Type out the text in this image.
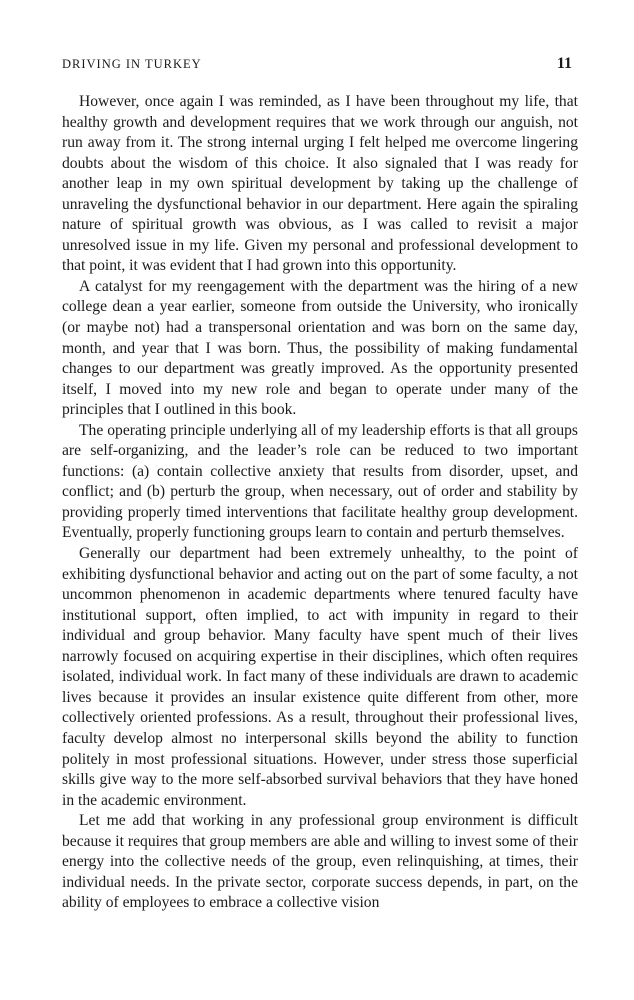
DRIVING IN TURKEY	11

However, once again I was reminded, as I have been throughout my life, that healthy growth and development requires that we work through our anguish, not run away from it. The strong internal urging I felt helped me overcome lingering doubts about the wisdom of this choice. It also signaled that I was ready for another leap in my own spiritual development by taking up the challenge of unraveling the dysfunctional behavior in our department. Here again the spiraling nature of spiritual growth was obvious, as I was called to revisit a major unresolved issue in my life. Given my personal and professional development to that point, it was evident that I had grown into this opportunity.

A catalyst for my reengagement with the department was the hiring of a new college dean a year earlier, someone from outside the University, who ironically (or maybe not) had a transpersonal orientation and was born on the same day, month, and year that I was born. Thus, the possibility of making fundamental changes to our department was greatly improved. As the opportunity presented itself, I moved into my new role and began to operate under many of the principles that I outlined in this book.

The operating principle underlying all of my leadership efforts is that all groups are self-organizing, and the leader’s role can be reduced to two important functions: (a) contain collective anxiety that results from disorder, upset, and conflict; and (b) perturb the group, when necessary, out of order and stability by providing properly timed interventions that facilitate healthy group development. Eventually, properly functioning groups learn to contain and perturb themselves.

Generally our department had been extremely unhealthy, to the point of exhibiting dysfunctional behavior and acting out on the part of some faculty, a not uncommon phenomenon in academic departments where tenured faculty have institutional support, often implied, to act with impunity in regard to their individual and group behavior. Many faculty have spent much of their lives narrowly focused on acquiring expertise in their disciplines, which often requires isolated, individual work. In fact many of these individuals are drawn to academic lives because it provides an insular existence quite different from other, more collectively oriented professions. As a result, throughout their professional lives, faculty develop almost no interpersonal skills beyond the ability to function politely in most professional situations. However, under stress those superficial skills give way to the more self-absorbed survival behaviors that they have honed in the academic environment.

Let me add that working in any professional group environment is difficult because it requires that group members are able and willing to invest some of their energy into the collective needs of the group, even relinquishing, at times, their individual needs. In the private sector, corporate success depends, in part, on the ability of employees to embrace a collective vision
